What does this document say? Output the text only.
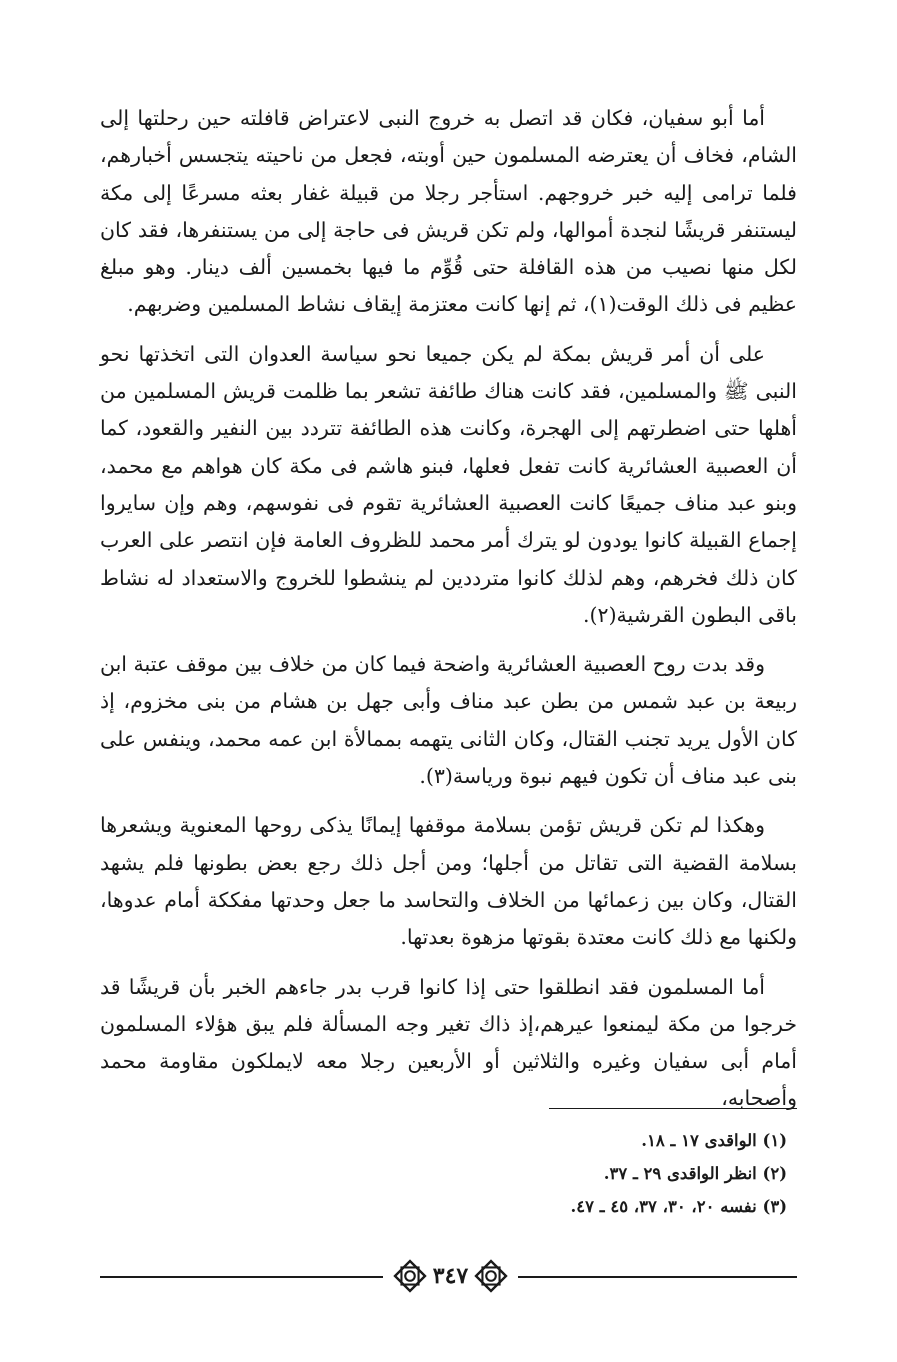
أما أبو سفيان، فكان قد اتصل به خروج النبى لاعتراض قافلته حين رحلتها إلى الشام، فخاف أن يعترضه المسلمون حين أوبته، فجعل من ناحيته يتجسس أخبارهم، فلما ترامى إليه خبر خروجهم. استأجر رجلا من قبيلة غفار بعثه مسرعًا إلى مكة ليستنفر قريشًا لنجدة أموالها، ولم تكن قريش فى حاجة إلى من يستنفرها، فقد كان لكل منها نصيب من هذه القافلة حتى قُوِّم ما فيها بخمسين ألف دينار. وهو مبلغ عظيم فى ذلك الوقت(١)، ثم إنها كانت معتزمة إيقاف نشاط المسلمين وضربهم.

على أن أمر قريش بمكة لم يكن جميعا نحو سياسة العدوان التى اتخذتها نحو النبى ﷺ والمسلمين، فقد كانت هناك طائفة تشعر بما ظلمت قريش المسلمين من أهلها حتى اضطرتهم إلى الهجرة، وكانت هذه الطائفة تتردد بين النفير والقعود، كما أن العصبية العشائرية كانت تفعل فعلها، فبنو هاشم فى مكة كان هواهم مع محمد، وبنو عبد مناف جميعًا كانت العصبية العشائرية تقوم فى نفوسهم، وهم وإن سايروا إجماع القبيلة كانوا يودون لو يترك أمر محمد للظروف العامة فإن انتصر على العرب كان ذلك فخرهم، وهم لذلك كانوا مترددين لم ينشطوا للخروج والاستعداد له نشاط باقى البطون القرشية(٢).

وقد بدت روح العصبية العشائرية واضحة فيما كان من خلاف بين موقف عتبة ابن ربيعة بن عبد شمس من بطن عبد مناف وأبى جهل بن هشام من بنى مخزوم، إذ كان الأول يريد تجنب القتال، وكان الثانى يتهمه بممالأة ابن عمه محمد، وينفس على بنى عبد مناف أن تكون فيهم نبوة ورياسة(٣).

وهكذا لم تكن قريش تؤمن بسلامة موقفها إيمانًا يذكى روحها المعنوية ويشعرها بسلامة القضية التى تقاتل من أجلها؛ ومن أجل ذلك رجع بعض بطونها فلم يشهد القتال، وكان بين زعمائها من الخلاف والتحاسد ما جعل وحدتها مفككة أمام عدوها، ولكنها مع ذلك كانت معتدة بقوتها مزهوة بعدتها.

أما المسلمون فقد انطلقوا حتى إذا كانوا قرب بدر جاءهم الخبر بأن قريشًا قد خرجوا من مكة ليمنعوا عيرهم،إذ ذاك تغير وجه المسألة فلم يبق هؤلاء المسلمون أمام أبى سفيان وغيره والثلاثين أو الأربعين رجلا معه لايملكون مقاومة محمد وأصحابه،

(١) الواقدى ١٧ ـ ١٨.

(٢) انظر الواقدى ٢٩ ـ ٣٧.

(٣) نفسه ٢٠، ٣٠، ٣٧، ٤٥ ـ ٤٧.

٣٤٧
